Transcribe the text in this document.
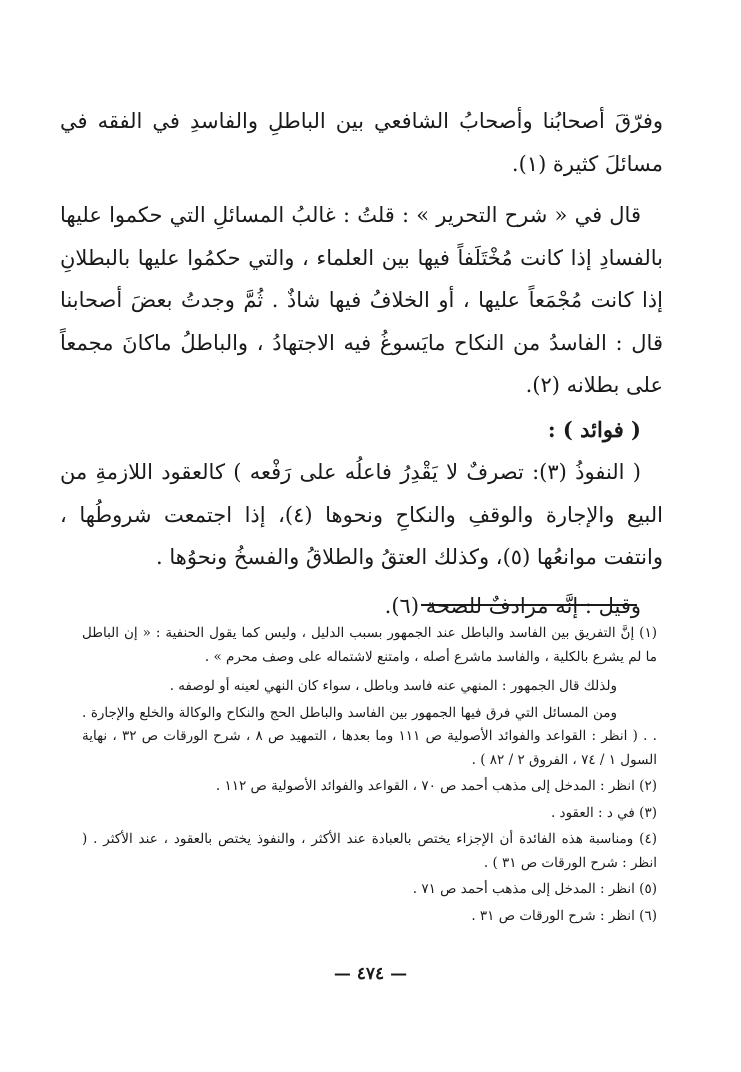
وفرّقَ أصحابُنا وأصحابُ الشافعي بين الباطلِ والفاسدِ في الفقه في مسائلَ كثيرة (١).

قال في « شرح التحرير » : قلتُ : غالبُ المسائلِ التي حكموا عليها بالفسادِ إذا كانت مُخْتَلَفاً فيها بين العلماء ، والتي حكمُوا عليها بالبطلانِ إذا كانت مُجْمَعاً عليها ، أو الخلافُ فيها شاذٌ . ثُمَّ وجدتُ بعضَ أصحابنا قال : الفاسدُ من النكاح مايَسوغُ فيه الاجتهادُ ، والباطلُ ماكانَ مجمعاً على بطلانه (٢).

( فوائد ) :

( النفوذُ (٣): تصرفٌ لا يَقْدِرُ فاعلُه على رَفْعه ) كالعقود اللازمةِ من البيع والإجارة والوقفِ والنكاحِ ونحوها (٤)، إذا اجتمعت شروطُها ، وانتفت موانعُها (٥)، وكذلك العتقُ والطلاقُ والفسخُ ونحوُها .

وقيل : إنَّه مرادفٌ للصحة (٦).

(١) إنَّ التفريق بين الفاسد والباطل عند الجمهور بسبب الدليل ، وليس كما يقول الحنفية : « إن الباطل ما لم يشرع بالكلية ، والفاسد ماشرع أصله ، وامتنع لاشتماله على وصف محرم » .

ولذلك قال الجمهور : المنهي عنه فاسد وباطل ، سواء كان النهي لعينه أو لوصفه .

ومن المسائل التي فرق فيها الجمهور بين الفاسد والباطل الحج والنكاح والوكالة والخلع والإجارة . . . ( انظر : القواعد والفوائد الأصولية ص ١١١ وما بعدها ، التمهيد ص ٨ ، شرح الورقات ص ٣٢ ، نهاية السول ١ / ٧٤ ، الفروق ٢ / ٨٢ ) .

(٢) انظر : المدخل إلى مذهب أحمد ص ٧٠ ، القواعد والفوائد الأصولية ص ١١٢ .

(٣) في د : العقود .

(٤) ومناسبة هذه الفائدة أن الإجزاء يختص بالعبادة عند الأكثر ، والنفوذ يختص بالعقود ، عند الأكثر . ( انظر : شرح الورقات ص ٣١ ) .

(٥) انظر : المدخل إلى مذهب أحمد ص ٧١ .

(٦) انظر : شرح الورقات ص ٣١ .

— ٤٧٤ —
